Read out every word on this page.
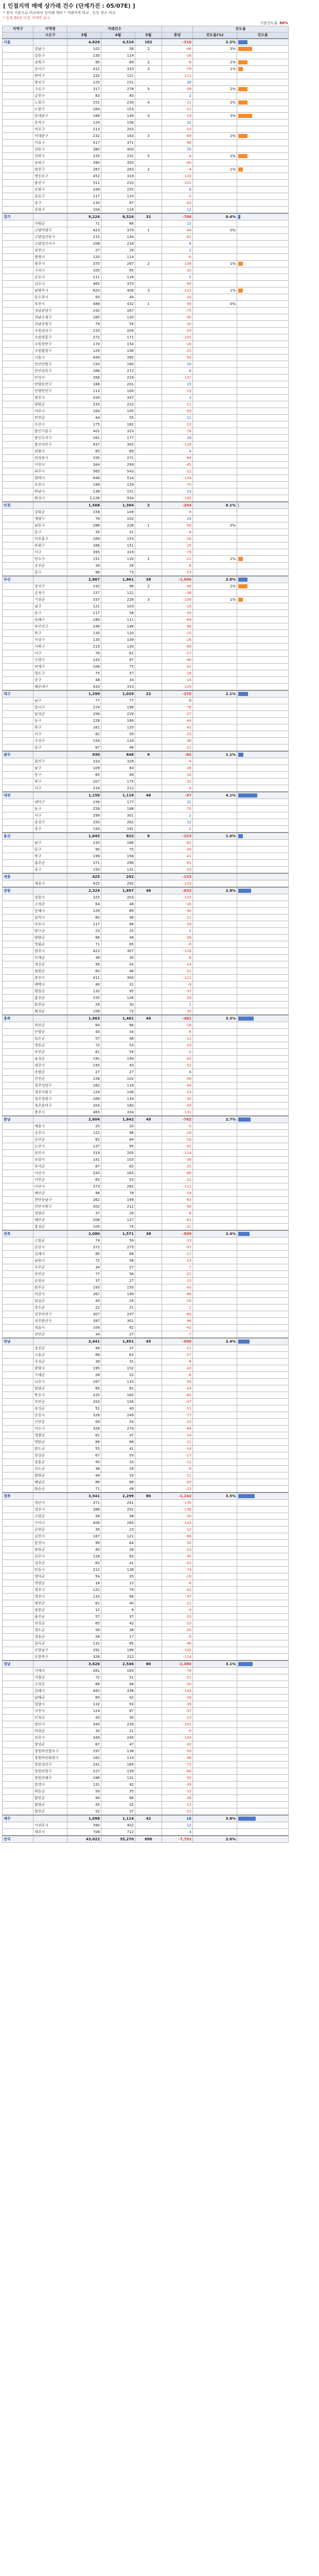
[ 인접지역 매매 상가래 건수 (단계가진 : 05/07E) ]
* 전국 기준으로 비교하여 상가래 대비 * 거래지역 비교 , 등등 전소 비교
* 등록 50건 이상 지역만 표시
기준진도율 88%
지역구	지역명	거래건수				진도율	
	시군구	3월	4월	5월	증감	진도율(%)	진도율
서울		4,826	4,510	102	-316	2.2%	

	강남구	102	56	2	-46	3%	

	강동구	130	114		-16		

	강북구	95	89	2	-6	2%	

	강서구	412	333	3	-79	1%	

	관악구	232	121		-111		

	광진구	125	151		26		

	구로구	317	278	5	-39	2%	

	금천구	83	85		2		

	노원구	251	230	4	-21	2%	

	도봉구	164	153		-11		

	동대문구	168	149	4	-19	3%	

	동작구	124	156		32		

	마포구	213	203		-10		

	서대문구	232	163	3	-69	2%	

	서초구	417	371		-46		

	성동구	380	400		20		

	성북구	235	231	5	-4	2%	

	송파구	390	350		-40		

	양천구	267	263	2	-4	1%	

	영등포구	452	319		-133		

	용산구	311	210		-101		

	은평구	249	255		6		

	종로구	117	115		-2		

	중구	130	87		-43		

	중랑구	104	116		12		

경기		9,224	8,524	32	-700	0.4%	

	가평군	71	86		15		

	고양덕양구	423	379	1	-44	0%	

	고양일산동구	215	134		-81		

	고양일산서구	208	216		8		

	과천시	27	29		2		

	광명시	120	114		-6		

	광주시	375	267	2	-108	1%	

	구리시	105	95		-10		

	군포시	111	116		5		

	김포시	465	370		-95		

	남양주시	620	408	3	-212	1%	

	동두천시	50	40		-10		

	부천시	488	432	1	-56	0%	

	성남분당구	242	167		-75		

	성남수정구	165	120		-45		

	성남중원구	79	59		-20		

	수원권선구	233	204		-29		

	수원영통구	272	171		-101		

	수원장안구	170	154		-16		

	수원팔달구	129	106		-23		

	시흥시	449	395		-54		

	안산단원구	150	160		10		

	안산상록구	266	272		6		

	안성시	356	219		-137		

	안양동안구	186	201		15		

	안양만안구	113	100		-13		

	양주시	334	337		3		

	양평군	233	222		-11		

	여주시	164	105		-59		

	연천군	44	55		11		

	오산시	175	162		-13		

	용인기흥구	401	323		-78		

	용인수지구	161	177		16		

	용인처인구	437	303		-134		

	의왕시	65	69		4		

	의정부시	335	271		-64		

	이천시	344	299		-45		

	파주시	565	543		-22		

	평택시	648	514		-134		

	포천시	199	129		-70		

	하남시	138	151		13		

	화성시	1,126	934		-192		

인천		1,568	1,364	2	-204	0.1%	

	강화군	158	149		-9		

	계양구	78	102		24		

	남동구	286	228	1	-58	0%	

	동구	35	31		-4		

	미추홀구	169	153		-16		

	부평구	166	151		-15		

	서구	395	319		-76		

	연수구	151	130	1	-21	1%	

	옹진군	34	28		-6		

	중구	96	73		-23		

부산		2,867	1,861	38	-1,006	2.0%	

	강서구	142	96	2	-46	2%	

	금정구	157	121		-36		

	기장군	337	228	3	-109	1%	

	남구	121	103		-18		

	동구	117	58		-59		

	동래구	180	111		-69		

	부산진구	246	148		-98		

	북구	130	120		-10		

	사상구	135	109		-26		

	사하구	219	130		-89		

	서구	78	61		-17		

	수영구	143	97		-46		

	연제구	106	75		-31		

	영도구	75	57		-18		

	중구	48	34		-14		

	해운대구	433	313		-120		

대구		1,299	1,029	22	-270	2.1%	

	남구	77	77		0		

	달서구	274	196		-78		

	달성군	256	229		-27		

	동구	228	184		-44		

	북구	161	120		-41		

	서구	82	59		-23		

	수성구	154	118		-36		

	중구	67	46		-21		

광주		930	848	9	-82	1.1%	

	광산구	333	329		-4		

	남구	109	83		-26		

	동구	65	49		-16		

	북구	207	175		-32		

	서구	216	212		-4		

대전		1,156	1,119	46	-37	4.1%	

	대덕구	156	177		21		

	동구	258	188		-70		

	서구	299	301		2		

	유성구	250	262		12		

	중구	193	191		-2		

울산		1,045	822	8	-223	1.0%	

	남구	230	168		-62		

	동구	95	75		-20		

	북구	199	158		-41		

	울주군	371	290		-81		

	중구	150	131		-19		

세종		425	292		-133		

	세종시	425	292		-133		

강원		2,329	1,697	48	-632	2.8%	

	강릉시	325	203		-122		

	고성군	64	48		-16		

	동해시	129	89		-40		

	삼척시	60	48		-12		

	속초시	117	88		-29		

	양구군	23	25		2		

	양양군	88	49		-39		

	영월군	71	65		-6		

	원주시	423	307		-116		

	인제군	38	30		-8		

	정선군	56	42		-14		

	철원군	60	48		-12		

	춘천시	411	300		-111		

	태백시	40	31		-9		

	평창군	132	95		-37		

	홍천군	155	126		-29		

	화천군	29	30		1		

	횡성군	108	73		-35		

충북		1,963	1,481	49	-482	3.3%	

	괴산군	84	66		-18		

	단양군	40	34		-6		

	보은군	57	46		-11		

	영동군	72	53		-19		

	옥천군	61	59		-2		

	음성군	191	149		-42		

	제천시	145	93		-52		

	증평군	27	27		0		

	진천군	158	102		-56		

	청주상당구	162	118		-44		

	청주서원구	129	106		-23		

	청주청원구	169	134		-35		

	청주흥덕구	203	160		-43		

	충주시	465	334		-131		

충남		2,604	1,842	49	-762	2.7%	

	계룡시	25	20		-5		

	공주시	122	96		-26		

	금산군	82	64		-18		

	논산시	137	95		-42		

	당진시	319	205		-114		

	보령시	141	103		-38		

	부여군	87	62		-25		

	서산시	243	163		-80		

	서천군	65	53		-12		

	아산시	373	262		-111		

	예산군	96	78		-18		

	천안동남구	262	199		-63		

	천안서북구	302	212		-90		

	청양군	37	29		-8		

	태안군	208	127		-81		

	홍성군	105	74		-31		

전북		2,080	1,571	38	-509	2.4%	

	고창군	74	59		-15		

	군산시	372	275		-97		

	김제시	85	68		-17		

	남원시	72	58		-14		

	무주군	34	27		-7		

	부안군	77	56		-21		

	순창군	37	27		-10		

	완주군	193	150		-43		

	익산시	267	199		-68		

	임실군	40	24		-16		

	장수군	22	21		-1		

	전주덕진구	307	247		-60		

	전주완산구	397	301		-96		

	정읍시	104	62		-42		

	진안군	34	27		-7		

전남		2,441	1,851	45	-590	2.4%	

	강진군	48	37		-11		

	고흥군	89	62		-27		

	곡성군	39	31		-8		

	광양시	195	152		-43		

	구례군	28	22		-6		

	나주시	167	133		-34		

	담양군	85	61		-24		

	목포시	225	163		-62		

	무안군	203	156		-47		

	보성군	51	40		-11		

	순천시	326	249		-77		

	신안군	69	54		-15		

	여수시	358	274		-84		

	영광군	61	47		-14		

	영암군	89	68		-21		

	완도군	55	41		-14		

	장성군	67	50		-17		

	장흥군	45	33		-12		

	진도군	38	29		-9		

	함평군	44	33		-11		

	해남군	88	68		-20		

	화순군	71	49		-22		

경북		3,541	2,299	80	-1,242	3.5%	

	경산시	371	241		-130		

	경주시	388	252		-136		

	고령군	58	38		-20		

	구미시	406	264		-142		

	군위군	35	23		-12		

	김천시	187	121		-66		

	문경시	99	64		-35		

	봉화군	40	26		-14		

	상주시	128	83		-45		

	성주군	63	41		-22		

	안동시	212	138		-74		

	영덕군	54	35		-19		

	영양군	18	12		-6		

	영주시	122	79		-43		

	영천시	133	86		-47		

	예천군	61	40		-21		

	울릉군	12	8		-4		

	울진군	57	37		-20		

	의성군	65	42		-23		

	청도군	58	38		-20		

	청송군	26	17		-9		

	칠곡군	131	85		-46		

	포항남구	291	189		-102		

	포항북구	326	212		-114		

경남		3,626	2,546	80	-1,080	3.1%	

	거제시	261	183		-78		

	거창군	72	51		-21		

	고성군	66	46		-20		

	김해시	482	338		-144		

	남해군	60	42		-18		

	밀양시	132	93		-39		

	사천시	124	87		-37		

	산청군	43	30		-13		

	양산시	340	239		-101		

	의령군	30	21		-9		

	진주시	349	245		-104		

	창녕군	67	47		-20		

	창원마산합포구	197	138		-59		

	창원마산회원구	162	114		-48		

	창원성산구	241	169		-72		

	창원의창구	227	159		-68		

	창원진해구	186	131		-55		

	통영시	131	92		-39		

	하동군	50	35		-15		

	함안군	94	66		-28		

	함양군	45	32		-13		

	합천군	52	37		-15		

제주		1,098	1,114	42	16	3.8%	

	서귀포시	390	402		12		

	제주시	708	712		4		

전국		43,022	35,270	690	-7,752	2.0%	
